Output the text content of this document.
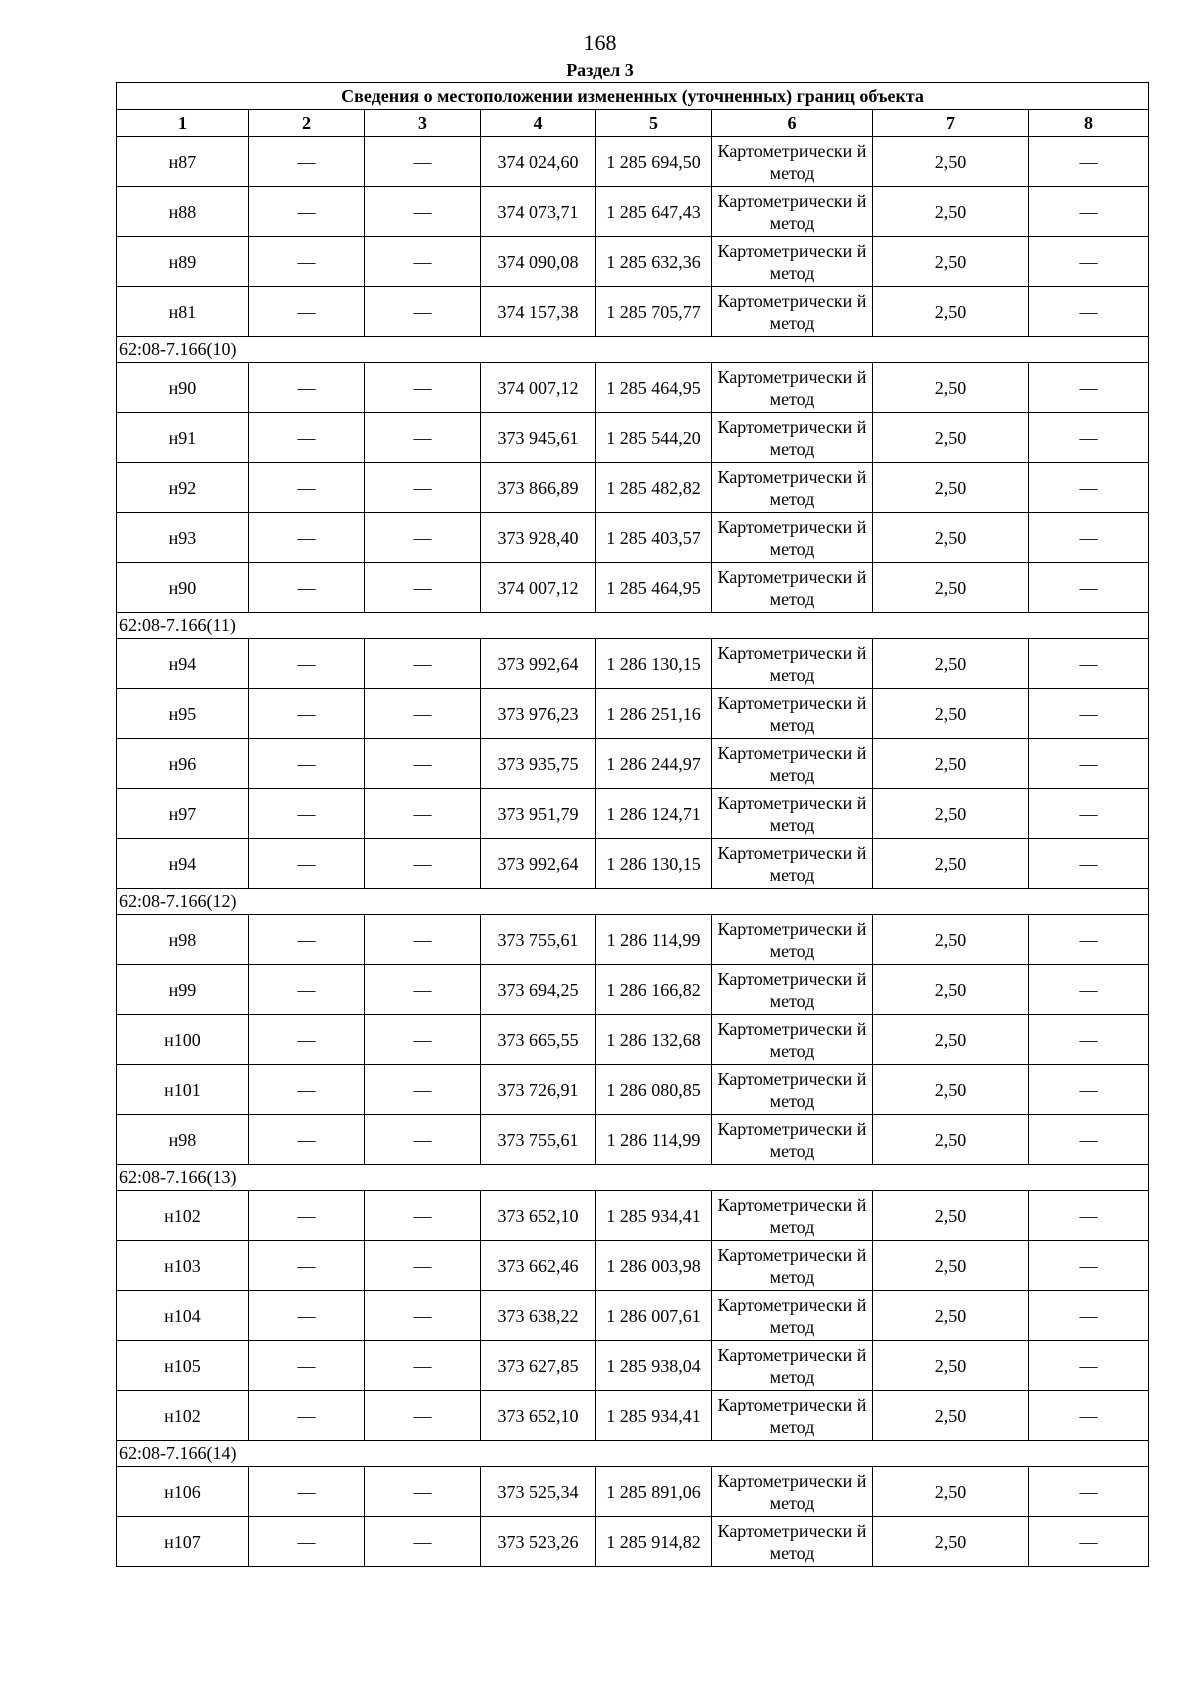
168
Раздел 3
Сведения о местоположении измененных (уточненных) границ объекта							
1	2	3	4	5	6	7	8
н87	—	—	374 024,60	1 285 694,50	Картометрически й метод	2,50	—
н88	—	—	374 073,71	1 285 647,43	Картометрически й метод	2,50	—
н89	—	—	374 090,08	1 285 632,36	Картометрически й метод	2,50	—
н81	—	—	374 157,38	1 285 705,77	Картометрически й метод	2,50	—
62:08-7.166(10)							
н90	—	—	374 007,12	1 285 464,95	Картометрически й метод	2,50	—
н91	—	—	373 945,61	1 285 544,20	Картометрически й метод	2,50	—
н92	—	—	373 866,89	1 285 482,82	Картометрически й метод	2,50	—
н93	—	—	373 928,40	1 285 403,57	Картометрически й метод	2,50	—
н90	—	—	374 007,12	1 285 464,95	Картометрически й метод	2,50	—
62:08-7.166(11)							
н94	—	—	373 992,64	1 286 130,15	Картометрически й метод	2,50	—
н95	—	—	373 976,23	1 286 251,16	Картометрически й метод	2,50	—
н96	—	—	373 935,75	1 286 244,97	Картометрически й метод	2,50	—
н97	—	—	373 951,79	1 286 124,71	Картометрически й метод	2,50	—
н94	—	—	373 992,64	1 286 130,15	Картометрически й метод	2,50	—
62:08-7.166(12)							
н98	—	—	373 755,61	1 286 114,99	Картометрически й метод	2,50	—
н99	—	—	373 694,25	1 286 166,82	Картометрически й метод	2,50	—
н100	—	—	373 665,55	1 286 132,68	Картометрически й метод	2,50	—
н101	—	—	373 726,91	1 286 080,85	Картометрически й метод	2,50	—
н98	—	—	373 755,61	1 286 114,99	Картометрически й метод	2,50	—
62:08-7.166(13)							
н102	—	—	373 652,10	1 285 934,41	Картометрически й метод	2,50	—
н103	—	—	373 662,46	1 286 003,98	Картометрически й метод	2,50	—
н104	—	—	373 638,22	1 286 007,61	Картометрически й метод	2,50	—
н105	—	—	373 627,85	1 285 938,04	Картометрически й метод	2,50	—
н102	—	—	373 652,10	1 285 934,41	Картометрически й метод	2,50	—
62:08-7.166(14)							
н106	—	—	373 525,34	1 285 891,06	Картометрически й метод	2,50	—
н107	—	—	373 523,26	1 285 914,82	Картометрически й метод	2,50	—
